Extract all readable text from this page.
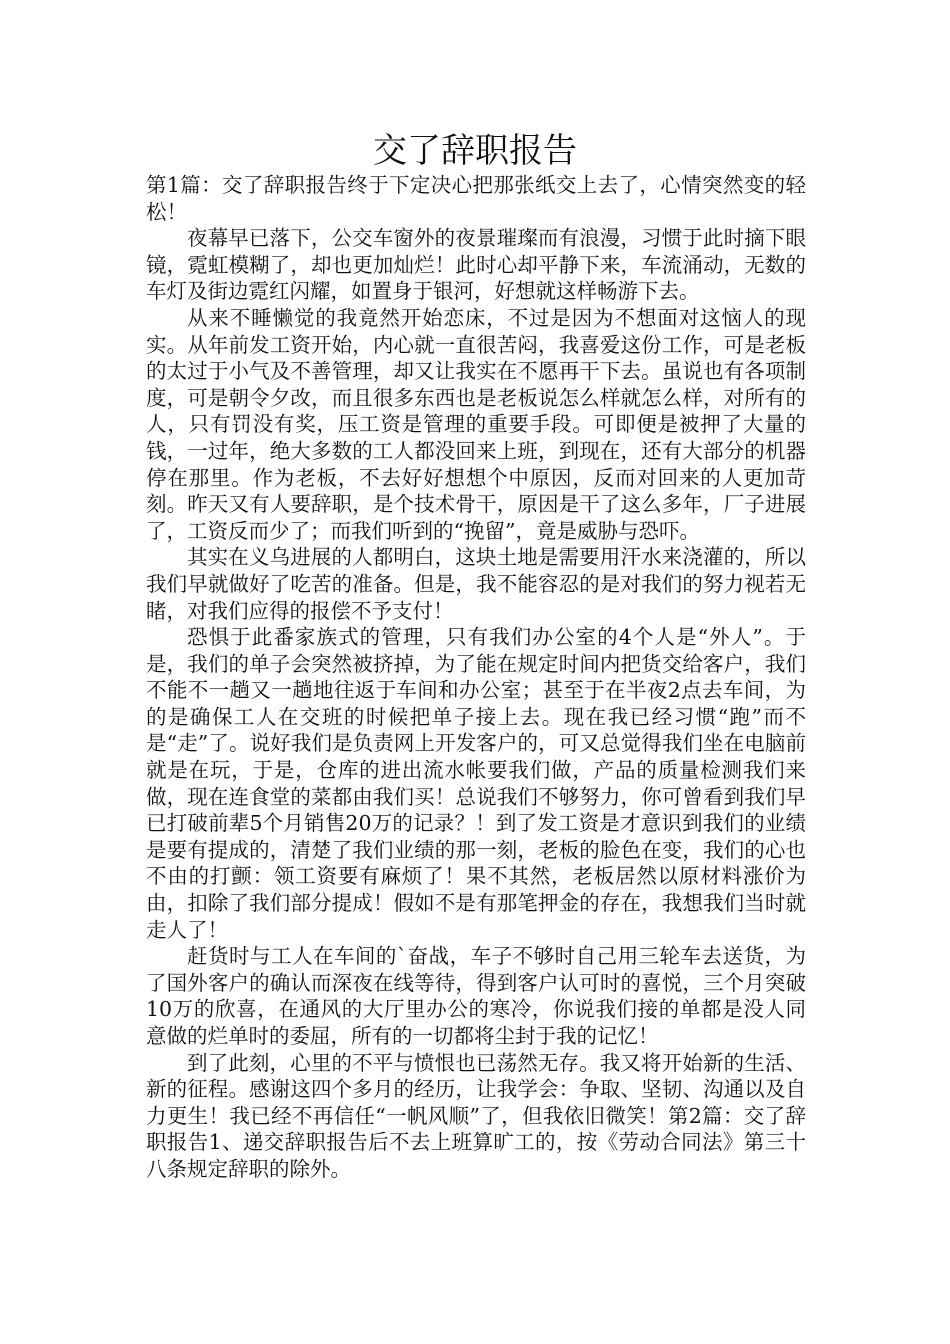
交了辞职报告

第1篇：交了辞职报告终于下定决心把那张纸交上去了，心情突然变的轻松！

夜幕早已落下，公交车窗外的夜景璀璨而有浪漫，习惯于此时摘下眼镜，霓虹模糊了，却也更加灿烂！此时心却平静下来，车流涌动，无数的车灯及街边霓红闪耀，如置身于银河，好想就这样畅游下去。

从来不睡懒觉的我竟然开始恋床，不过是因为不想面对这恼人的现实。从年前发工资开始，内心就一直很苦闷，我喜爱这份工作，可是老板的太过于小气及不善管理，却又让我实在不愿再干下去。虽说也有各项制度，可是朝令夕改，而且很多东西也是老板说怎么样就怎么样，对所有的人，只有罚没有奖，压工资是管理的重要手段。可即便是被押了大量的钱，一过年，绝大多数的工人都没回来上班，到现在，还有大部分的机器停在那里。作为老板，不去好好想想个中原因，反而对回来的人更加苛刻。昨天又有人要辞职，是个技术骨干，原因是干了这么多年，厂子进展了，工资反而少了；而我们听到的“挽留”，竟是威胁与恐吓。

其实在义乌进展的人都明白，这块土地是需要用汗水来浇灌的，所以我们早就做好了吃苦的准备。但是，我不能容忍的是对我们的努力视若无睹，对我们应得的报偿不予支付！

恐惧于此番家族式的管理，只有我们办公室的4个人是“外人”。于是，我们的单子会突然被挤掉，为了能在规定时间内把货交给客户，我们不能不一趟又一趟地往返于车间和办公室；甚至于在半夜2点去车间，为的是确保工人在交班的时候把单子接上去。现在我已经习惯“跑”而不是“走”了。说好我们是负责网上开发客户的，可又总觉得我们坐在电脑前就是在玩，于是，仓库的进出流水帐要我们做，产品的质量检测我们来做，现在连食堂的菜都由我们买！总说我们不够努力，你可曾看到我们早已打破前辈5个月销售20万的记录？！到了发工资是才意识到我们的业绩是要有提成的，清楚了我们业绩的那一刻，老板的脸色在变，我们的心也不由的打颤：领工资要有麻烦了！果不其然，老板居然以原材料涨价为由，扣除了我们部分提成！假如不是有那笔押金的存在，我想我们当时就走人了！

赶货时与工人在车间的`奋战，车子不够时自己用三轮车去送货，为了国外客户的确认而深夜在线等待，得到客户认可时的喜悦，三个月突破10万的欣喜，在通风的大厅里办公的寒冷，你说我们接的单都是没人同意做的烂单时的委屈，所有的一切都将尘封于我的记忆！

到了此刻，心里的不平与愤恨也已荡然无存。我又将开始新的生活、新的征程。感谢这四个多月的经历，让我学会：争取、坚韧、沟通以及自力更生！我已经不再信任“一帆风顺”了，但我依旧微笑！第2篇：交了辞职报告1、递交辞职报告后不去上班算旷工的，按《劳动合同法》第三十八条规定辞职的除外。
